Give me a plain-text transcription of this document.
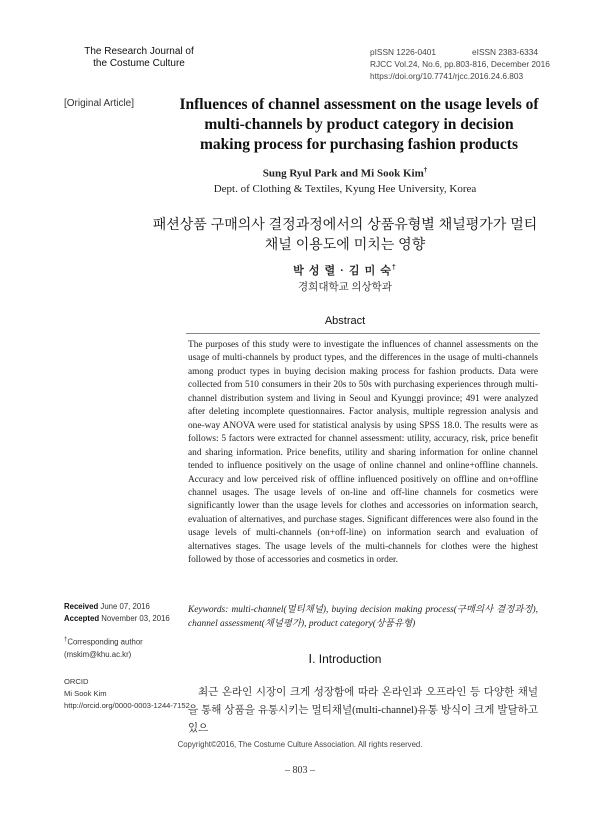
The Research Journal of
the Costume Culture
pISSN 1226-0401	eISSN 2383-6334
RJCC Vol.24, No.6, pp.803-816, December 2016
https://doi.org/10.7741/rjcc.2016.24.6.803
[Original Article]	Influences of channel assessment on the usage levels of multi-channels by product category in decision making process for purchasing fashion products
Sung Ryul Park and Mi Sook Kim†
Dept. of Clothing & Textiles, Kyung Hee University, Korea
패션상품 구매의사 결정과정에서의 상품유형별 채널평가가 멀티채널 이용도에 미치는 영향
박 성 렬 · 김 미 숙†
경희대학교 의상학과
Abstract
The purposes of this study were to investigate the influences of channel assessments on the usage of multi-channels by product types, and the differences in the usage of multi-channels among product types in buying decision making process for fashion products. Data were collected from 510 consumers in their 20s to 50s with purchasing experiences through multi-channel distribution system and living in Seoul and Kyunggi province; 491 were analyzed after deleting incomplete questionnaires. Factor analysis, multiple regression analysis and one-way ANOVA were used for statistical analysis by using SPSS 18.0. The results were as follows: 5 factors were extracted for channel assessment: utility, accuracy, risk, price benefit and sharing information. Price benefits, utility and sharing information for online channel tended to influence positively on the usage of online channel and online+offline channels. Accuracy and low perceived risk of offline influenced positively on offline and on+offline channel usages. The usage levels of on-line and off-line channels for cosmetics were significantly lower than the usage levels for clothes and accessories on information search, evaluation of alternatives, and purchase stages. Significant differences were also found in the usage levels of multi-channels (on+off-line) on information search and evaluation of alternatives stages. The usage levels of the multi-channels for clothes were the highest followed by those of accessories and cosmetics in order.
Keywords: multi-channel(멀티채널), buying decision making process(구매의사 결정과정), channel assessment(채널평가), product category(상품유형)
Received June 07, 2016
Accepted November 03, 2016
†Corresponding author
(mskim@khu.ac.kr)
ORCID
Mi Sook Kim
http://orcid.org/0000-0003-1244-7152
Ⅰ. Introduction
최근 온라인 시장이 크게 성장함에 따라 온라인과 오프라인 등 다양한 채널을 통해 상품을 유통시키는 멀티채널(multi-channel)유통 방식이 크게 발달하고 있으
Copyright©2016, The Costume Culture Association. All rights reserved.
– 803 –
